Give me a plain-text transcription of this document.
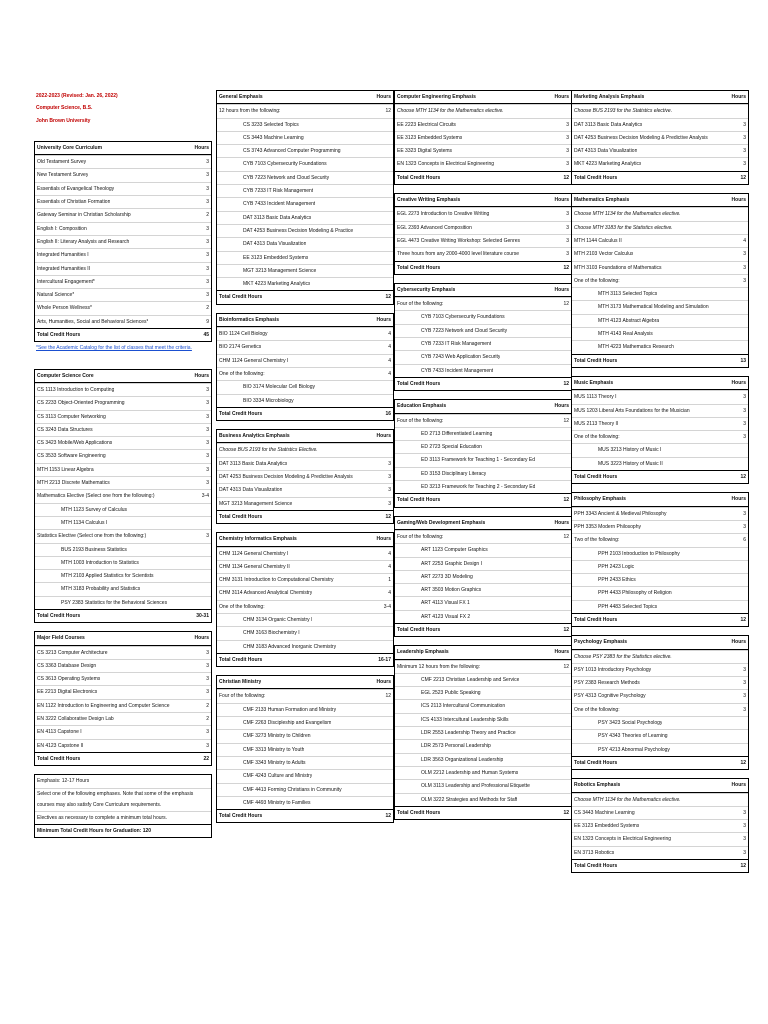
2022-2023 (Revised: Jan. 26, 2022)
Computer Science, B.S.
John Brown University
University Core Curriculum	Hours
Old Testament Survey	3
New Testament Survey	3
Essentials of Evangelical Theology	3
Essentials of Christian Formation	3
Gateway Seminar in Christian Scholarship	2
English I: Composition	3
English II: Literary Analysis and Research	3
Integrated Humanities I	3
Integrated Humanities II	3
Intercultural Engagement*	3
Natural Science*	3
Whole Person Wellness*	2
Arts, Humanities, Social and Behavioral Sciences*	9
Total Credit Hours	45
*See the Academic Catalog for the list of classes that meet the criteria.
Computer Science Core	Hours
CS 1113 Introduction to Computing	3
CS 2233 Object-Oriented Programming	3
CS 3113 Computer Networking	3
CS 3243 Data Structures	3
CS 3423 Mobile/Web Applications	3
CS 3533 Software Engineering	3
MTH 1153 Linear Algebra	3
MTH 2213 Discrete Mathematics	3
Mathematics Elective (Select one from the following:)	3-4
MTH 1123 Survey of Calculus
MTH 1134 Calculus I
Statistics Elective (Select one from the following:)	3
BUS 2193 Business Statistics
MTH 1003 Introduction to Statistics
MTH 2103 Applied Statistics for Scientists
MTH 3183 Probability and Statistics
PSY 2383 Statistics for the Behavioral Sciences
Total Credit Hours	30-31
Major Field Courses	Hours
CS 3213 Computer Architecture	3
CS 3363 Database Design	3
CS 3613 Operating Systems	3
EE 2213 Digital Electronics	3
EN 1122 Introduction to Engineering and Computer Science	2
EN 3222 Collaborative Design Lab	2
EN 4113 Capstone I	3
EN 4123 Capstone II	3
Total Credit Hours	22
Emphasis: 12-17 Hours
Select one of the following emphases. Note that some of the emphasis courses may also satisfy Core Curriculum requirements.
Electives as necessary to complete a minimum total hours.
Minimum Total Credit Hours for Graduation: 120
General Emphasis	Hours
12 hours from the following:	12
CS 3233 Selected Topics
CS 3443 Machine Learning
CS 3743 Advanced Computer Programming
CYB 7103 Cybersecurity Foundations
CYB 7223 Network and Cloud Security
CYB 7233 IT Risk Management
CYB 7433 Incident Management
DAT 3113 Basic Data Analytics
DAT 4253 Business Decision Modeling & Practice
DAT 4313 Data Visualization
EE 3123 Embedded Systems
MGT 3213 Management Science
MKT 4223 Marketing Analytics
Total Credit Hours	12
Bioinformatics Emphasis	Hours
BIO 1124 Cell Biology	4
BIO 2174 Genetics	4
CHM 1124 General Chemistry I	4
One of the following:	4
BIO 3174 Molecular Cell Biology
BIO 3334 Microbiology
Total Credit Hours	16
Business Analytics Emphasis	Hours
Choose BUS 2193 for the Statistics Elective.
DAT 3113 Basic Data Analytics	3
DAT 4253 Business Decision Modeling & Predictive Analysis	3
DAT 4313 Data Visualization	3
MGT 3213 Management Science	3
Total Credit Hours	12
Chemistry Informatics Emphasis	Hours
CHM 1124 General Chemistry I	4
CHM 1134 General Chemistry II	4
CHM 3131 Introduction to Computational Chemistry	1
CHM 3114 Advanced Analytical Chemistry	4
One of the following:	3-4
CHM 3134 Organic Chemistry I
CHM 3163 Biochemistry I
CHM 3183 Advanced Inorganic Chemistry
Total Credit Hours	16-17
Christian Ministry	Hours
Four of the following:	12
CMF 2133 Human Formation and Ministry
CMF 2263 Discipleship and Evangelism
CMF 3273 Ministry to Children
CMF 3313 Ministry to Youth
CMF 3343 Ministry to Adults
CMF 4243 Culture and Ministry
CMF 4413 Forming Christians in Community
CMF 4493 Ministry to Families
Total Credit Hours	12
Computer Engineering Emphasis	Hours
Choose MTH 1134 for the Mathematics elective.
EE 2223 Electrical Circuits	3
EE 3123 Embedded Systems	3
EE 3323 Digital Systems	3
EN 1323 Concepts in Electrical Engineering	3
Total Credit Hours	12
Creative Writing Emphasis	Hours
EGL 2273 Introduction to Creative Writing	3
EGL 2393 Advanced Composition	3
EGL 4473 Creative Writing Workshop: Selected Genres	3
Three hours from any 2000-4000 level literature course	3
Total Credit Hours	12
Cybersecurity Emphasis	Hours
Four of the following:	12
CYB 7103 Cybersecurity Foundations
CYB 7223 Network and Cloud Security
CYB 7233 IT Risk Management
CYB 7243 Web Application Security
CYB 7433 Incident Management
Total Credit Hours	12
Education Emphasis	Hours
Four of the following:	12
ED 2713 Differentiated Learning
ED 2723 Special Education
ED 3113 Framework for Teaching 1 - Secondary Ed
ED 3153 Disciplinary Literacy
ED 3213 Framework for Teaching 2 - Secondary Ed
Total Credit Hours	12
Gaming/Web Development Emphasis	Hours
Four of the following:	12
ART 1123 Computer Graphics
ART 2253 Graphic Design I
ART 2273 3D Modeling
ART 3503 Motion Graphics
ART 4113 Visual FX 1
ART 4123 Visual FX 2
Total Credit Hours	12
Leadership Emphasis	Hours
Minimum 12 hours from the following:	12
CMF 2213 Christian Leadership and Service
EGL 2523 Public Speaking
ICS 2113 Intercultural Communication
ICS 4133 Intercultural Leadership Skills
LDR 2553 Leadership Theory and Practice
LDR 2573 Personal Leadership
LDR 3563 Organizational Leadership
OLM 2212 Leadership and Human Systems
OLM 3113 Leadership and Professional Etiquette
OLM 3222 Strategies and Methods for Staff
Total Credit Hours	12
Marketing Analysis Emphasis	Hours
Choose BUS 2193 for the Statistics elective.
DAT 3113 Basic Data Analytics	3
DAT 4253 Business Decision Modeling & Predictive Analysis	3
DAT 4313 Data Visualization	3
MKT 4223 Marketing Analytics	3
Total Credit Hours	12
Mathematics Emphasis	Hours
Choose MTH 1134 for the Mathematics elective.
Choose MTH 3183 for the Statistics elective.
MTH 1144 Calculus II	4
MTH 2103 Vector Calculus	3
MTH 3103 Foundations of Mathematics	3
One of the following:	3
MTH 3113 Selected Topics
MTH 3173 Mathematical Modeling and Simulation
MTH 4123 Abstract Algebra
MTH 4143 Real Analysis
MTH 4223 Mathematics Research
Total Credit Hours	13
Music Emphasis	Hours
MUS 1113 Theory I	3
MUS 1203 Liberal Arts Foundations for the Musician	3
MUS 2113 Theory II	3
One of the following:	3
MUS 3213 History of Music I
MUS 3223 History of Music II
Total Credit Hours	12
Philosophy Emphasis	Hours
PPH 3343 Ancient & Medieval Philosophy	3
PPH 3353 Modern Philosophy	3
Two of the following:	6
PPH 2103 Introduction to Philosophy
PPH 2423 Logic
PPH 2433 Ethics
PPH 4433 Philosophy of Religion
PPH 4483 Selected Topics
Total Credit Hours	12
Psychology Emphasis	Hours
Choose PSY 2383 for the Statistics elective.
PSY 1013 Introductory Psychology	3
PSY 2383 Research Methods	3
PSY 4313 Cognitive Psychology	3
One of the following:	3
PSY 3423 Social Psychology
PSY 4343 Theories of Learning
PSY 4213 Abnormal Psychology
Total Credit Hours	12
Robotics Emphasis	Hours
Choose MTH 1134 for the Mathematics elective.
CS 3443 Machine Learning	3
EE 3123 Embedded Systems	3
EN 1323 Concepts in Electrical Engineering	3
EN 3713 Robotics	3
Total Credit Hours	12
